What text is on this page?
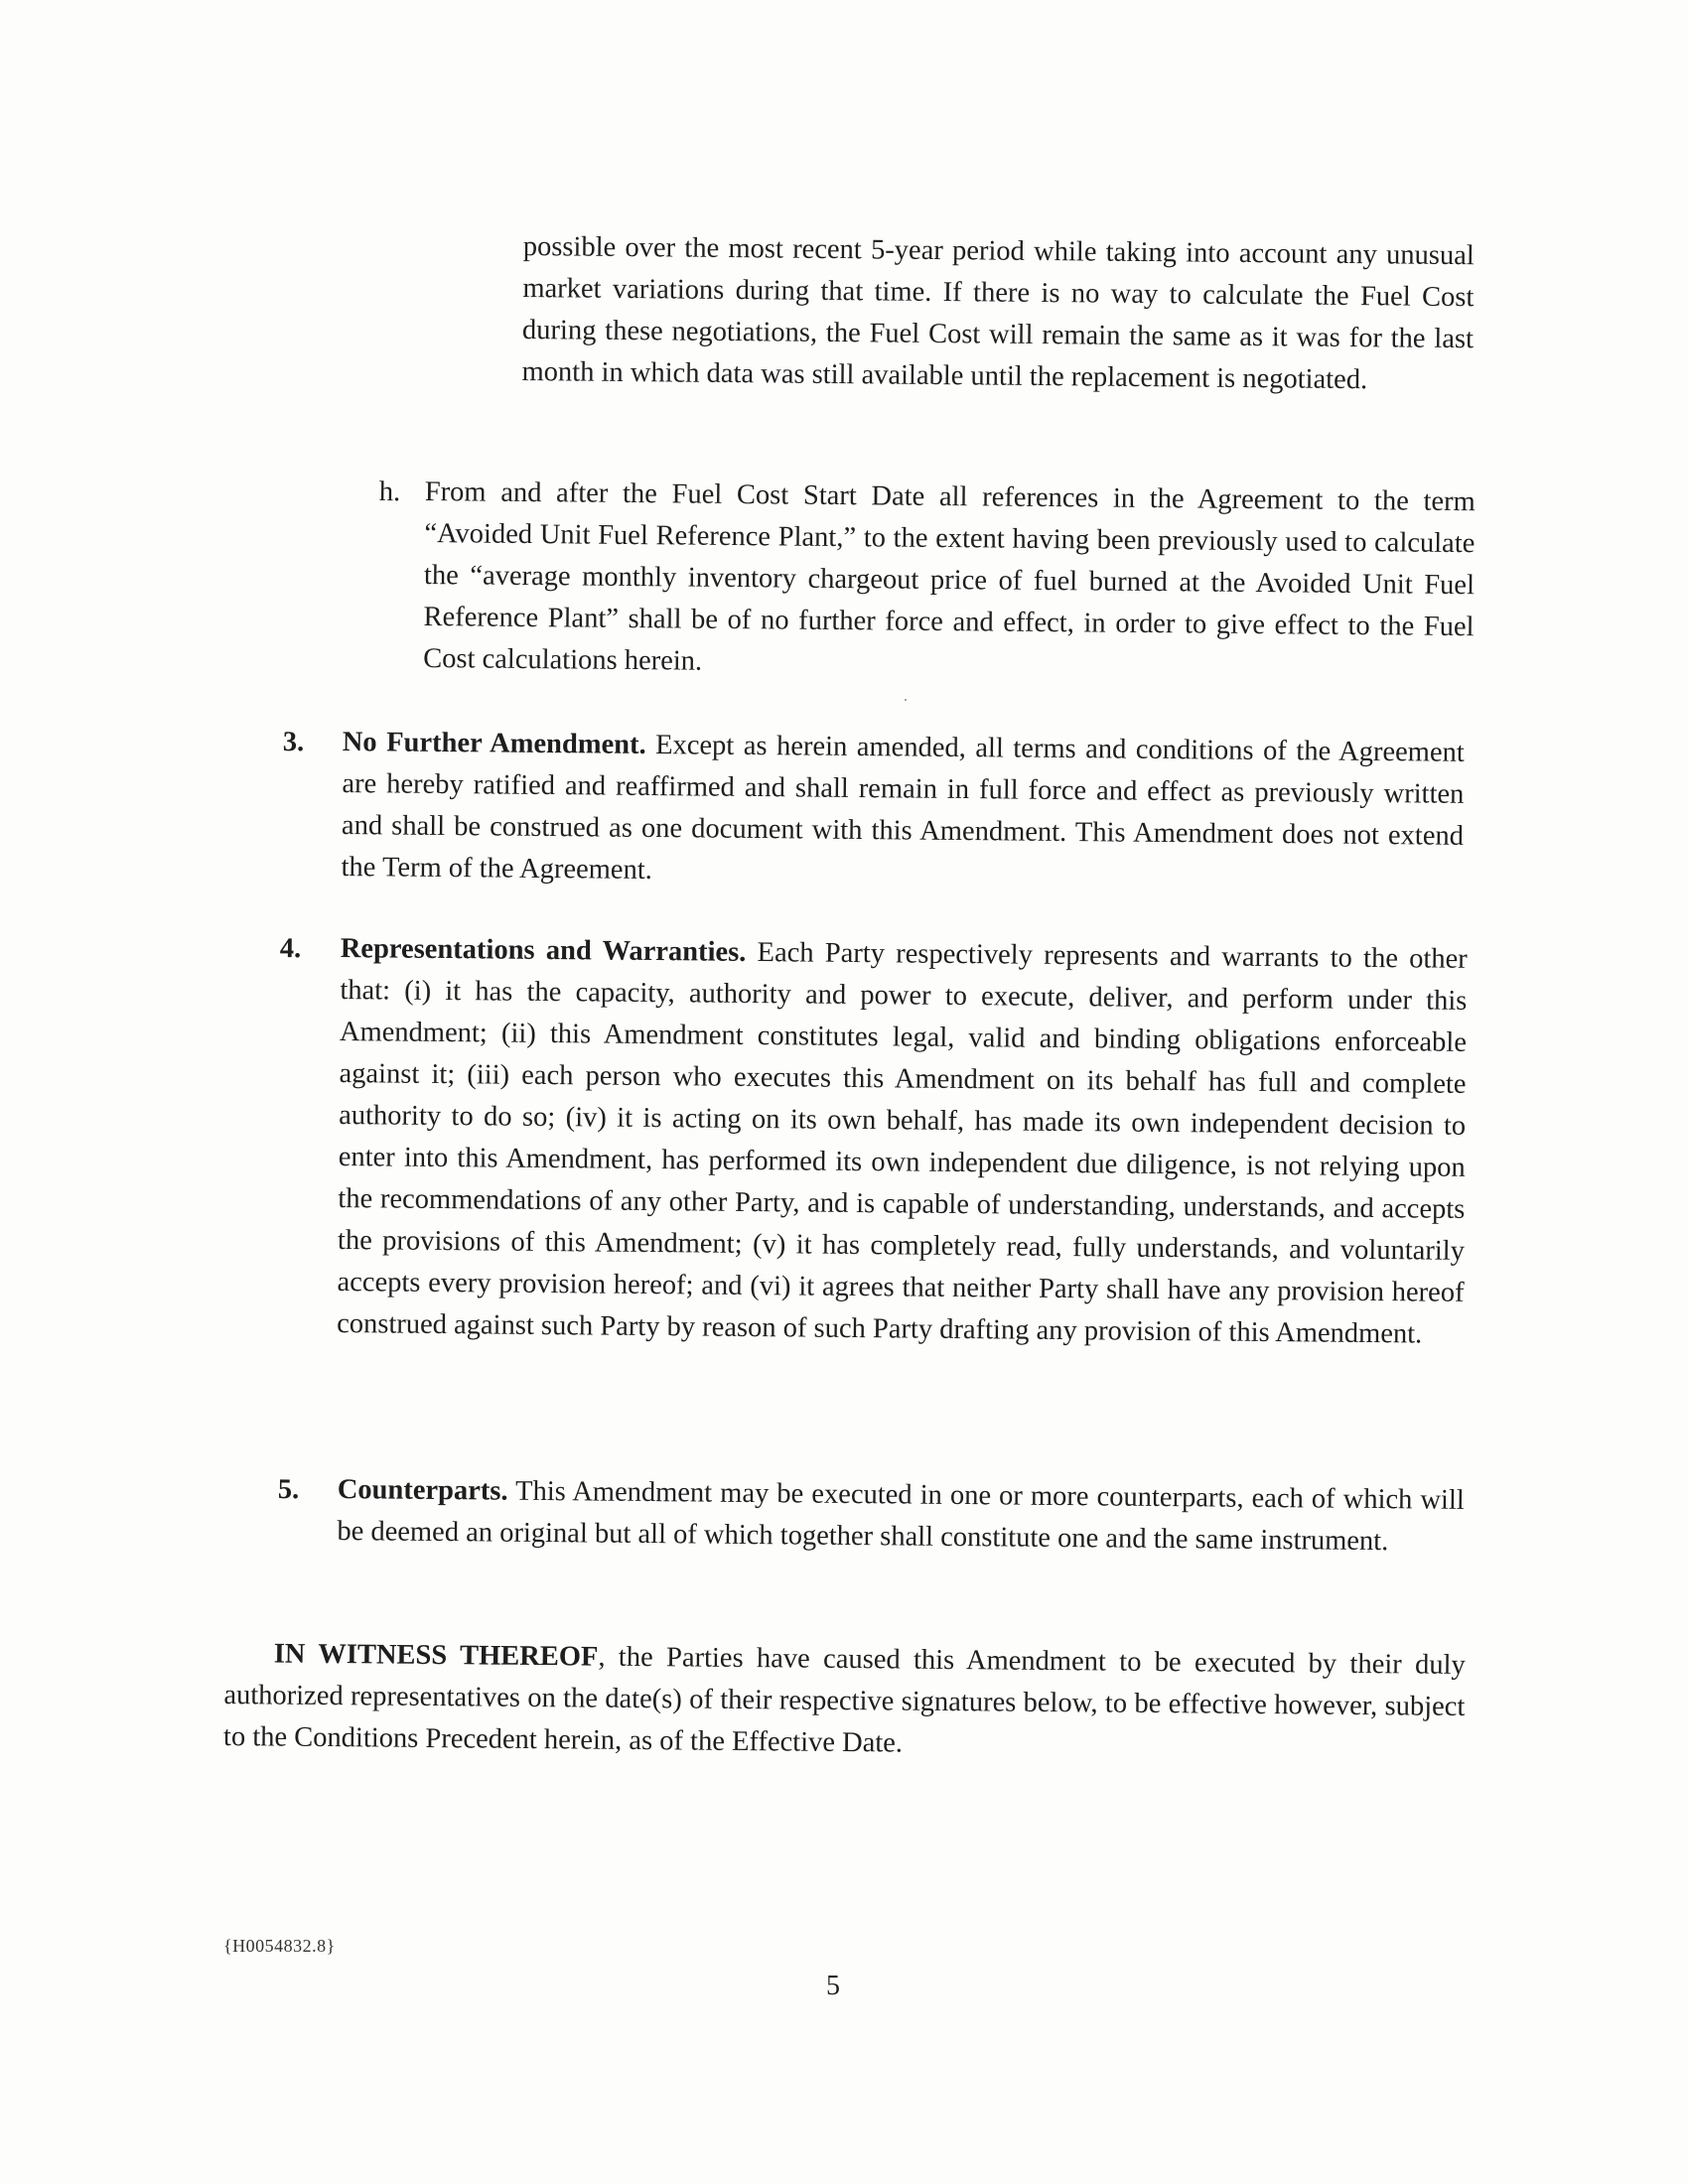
possible over the most recent 5-year period while taking into account any unusual market variations during that time. If there is no way to calculate the Fuel Cost during these negotiations, the Fuel Cost will remain the same as it was for the last month in which data was still available until the replacement is negotiated.
h. From and after the Fuel Cost Start Date all references in the Agreement to the term “Avoided Unit Fuel Reference Plant,” to the extent having been previously used to calculate the “average monthly inventory chargeout price of fuel burned at the Avoided Unit Fuel Reference Plant” shall be of no further force and effect, in order to give effect to the Fuel Cost calculations herein.
3. No Further Amendment. Except as herein amended, all terms and conditions of the Agreement are hereby ratified and reaffirmed and shall remain in full force and effect as previously written and shall be construed as one document with this Amendment. This Amendment does not extend the Term of the Agreement.
4. Representations and Warranties. Each Party respectively represents and warrants to the other that: (i) it has the capacity, authority and power to execute, deliver, and perform under this Amendment; (ii) this Amendment constitutes legal, valid and binding obligations enforceable against it; (iii) each person who executes this Amendment on its behalf has full and complete authority to do so; (iv) it is acting on its own behalf, has made its own independent decision to enter into this Amendment, has performed its own independent due diligence, is not relying upon the recommendations of any other Party, and is capable of understanding, understands, and accepts the provisions of this Amendment; (v) it has completely read, fully understands, and voluntarily accepts every provision hereof; and (vi) it agrees that neither Party shall have any provision hereof construed against such Party by reason of such Party drafting any provision of this Amendment.
5. Counterparts. This Amendment may be executed in one or more counterparts, each of which will be deemed an original but all of which together shall constitute one and the same instrument.
IN WITNESS THEREOF, the Parties have caused this Amendment to be executed by their duly authorized representatives on the date(s) of their respective signatures below, to be effective however, subject to the Conditions Precedent herein, as of the Effective Date.
{H0054832.8}
5
